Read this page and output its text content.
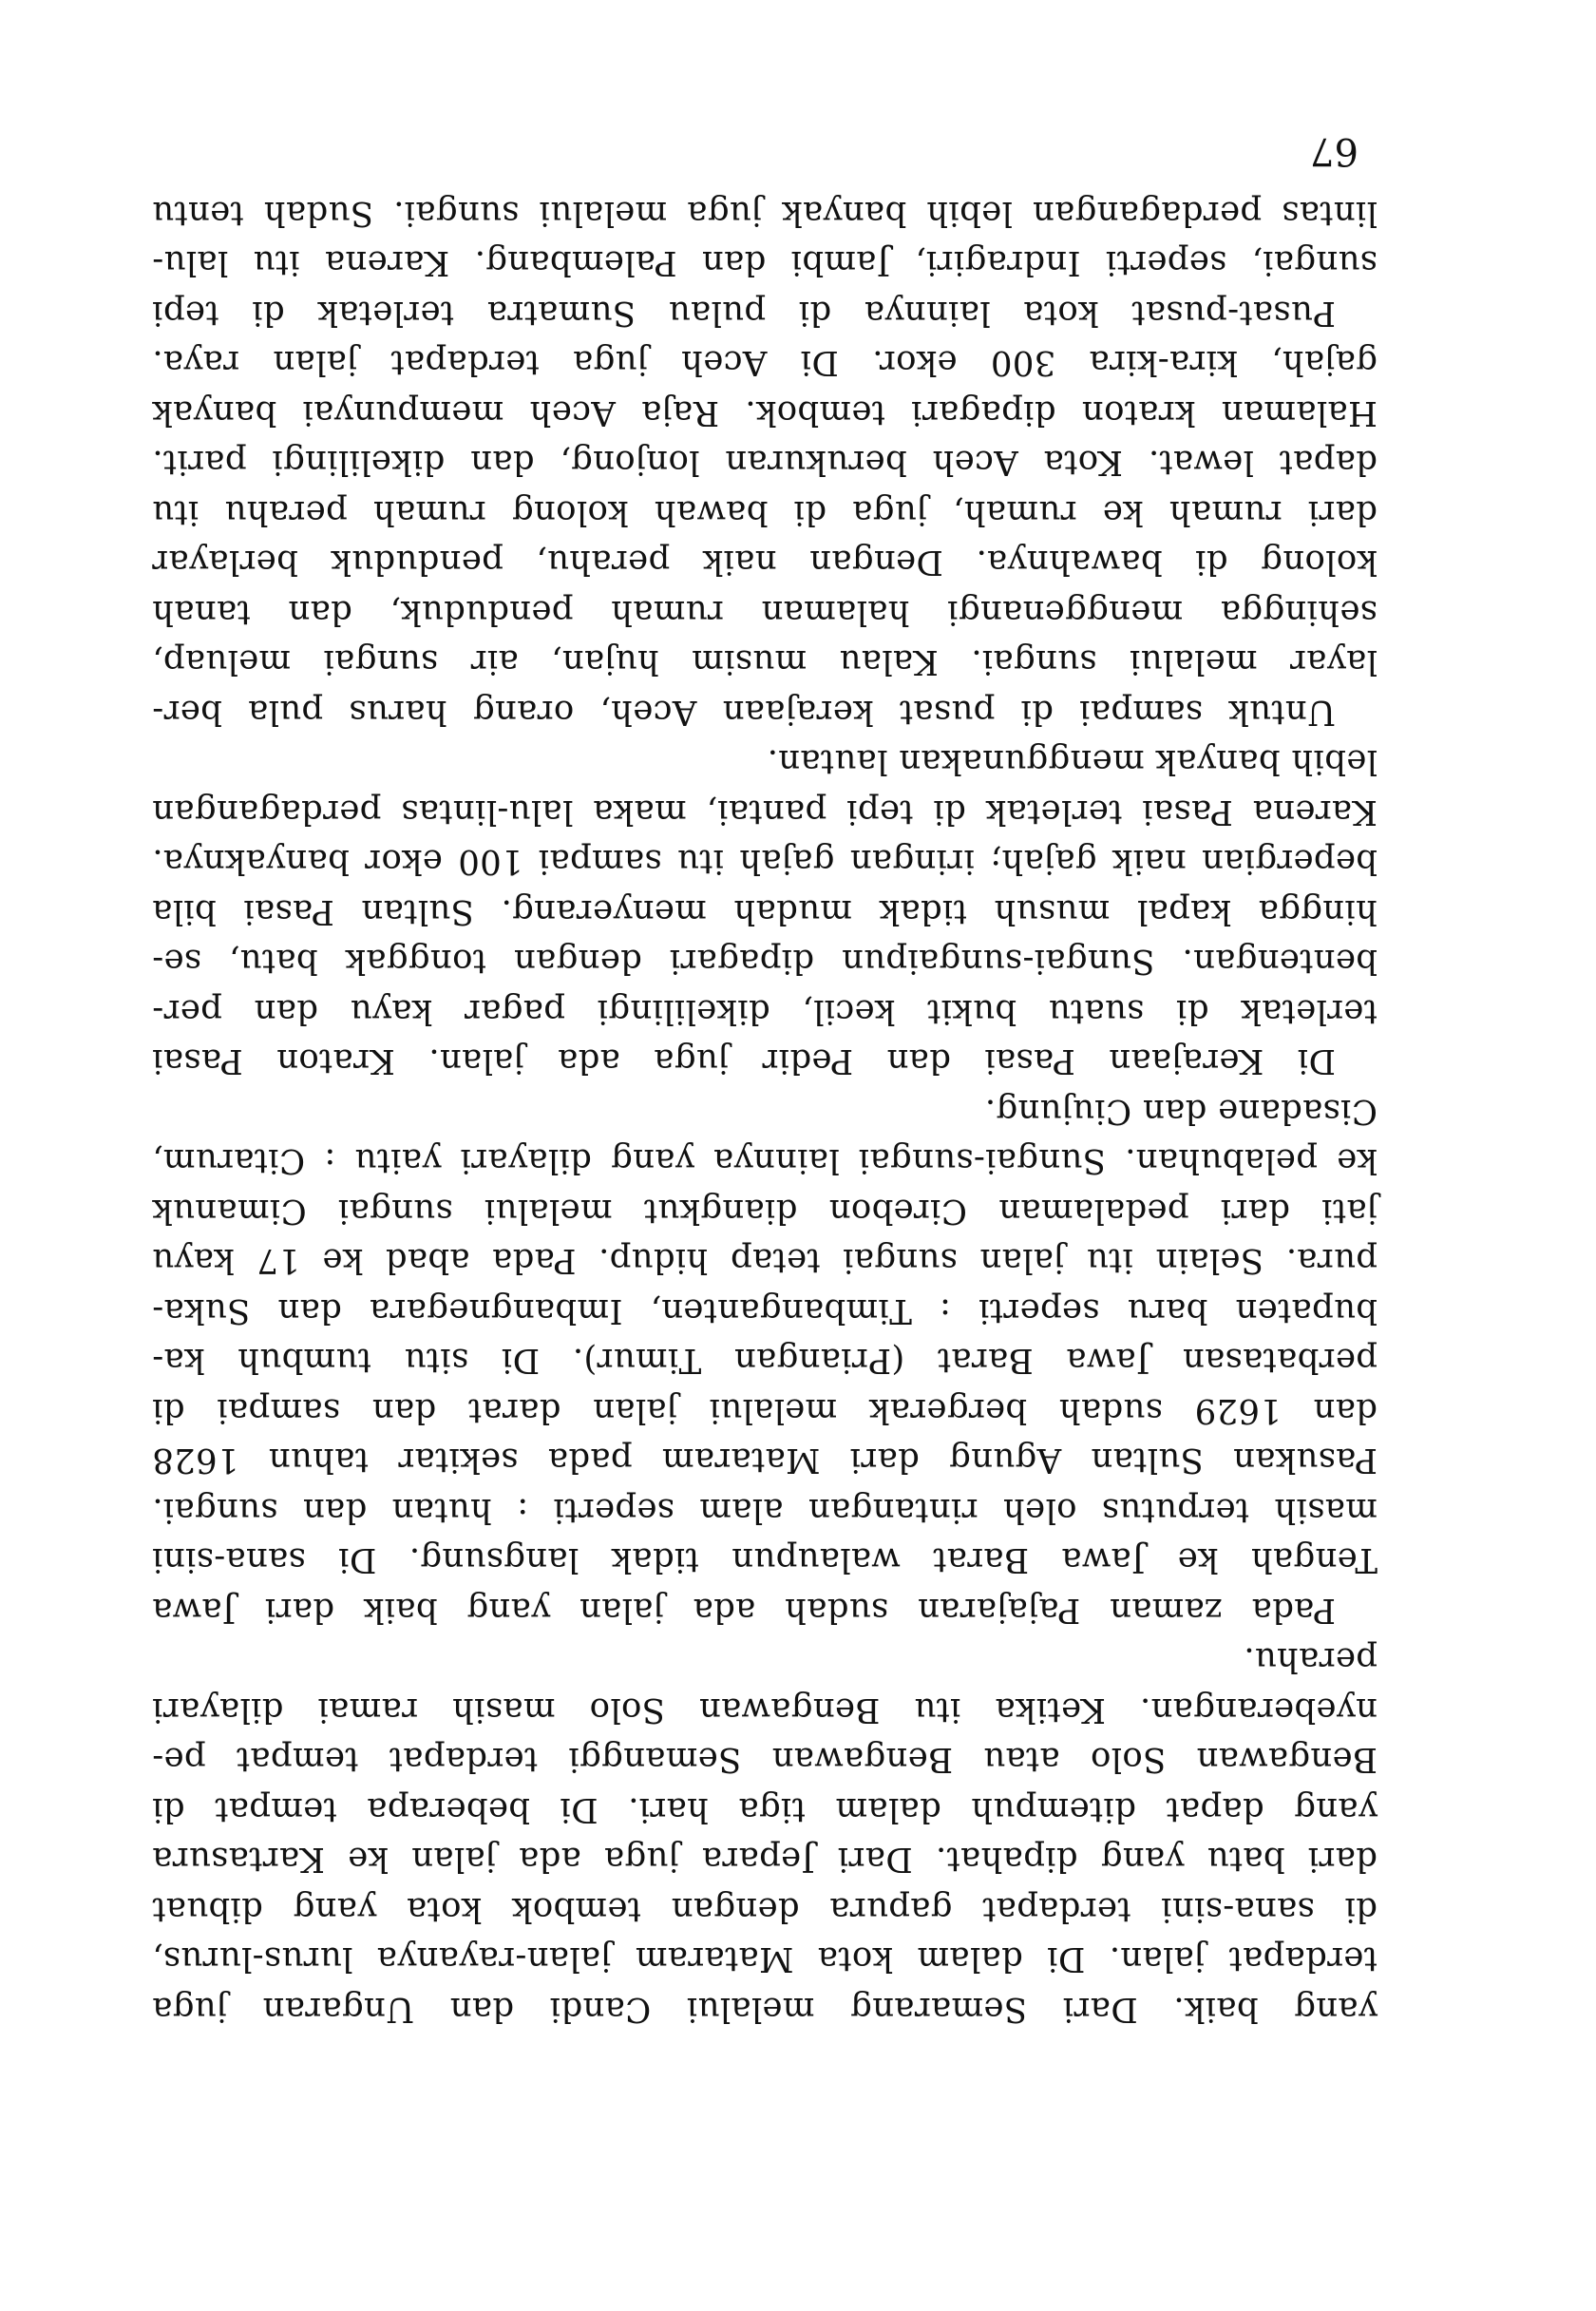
yang baik. Dari Semarang melalui Candi dan Ungaran juga
terdapat jalan. Di dalam kota Mataram jalan-rayanya lurus-lurus,
di sana-sini terdapat gapura dengan tembok kota yang dibuat
dari batu yang dipahat. Dari Jepara juga ada jalan ke Kartasura
yang dapat ditempuh dalam tiga hari. Di beberapa tempat di
Bengawan Solo atau Bengawan Semanggi terdapat tempat pe-
nyeberangan. Ketika itu Bengawan Solo masih ramai dilayari
perahu.
Pada zaman Pajajaran sudah ada jalan yang baik dari Jawa
Tengah ke Jawa Barat walaupun tidak langsung. Di sana-sini
masih terputus oleh rintangan alam seperti : hutan dan sungai.
Pasukan Sultan Agung dari Mataram pada sekitar tahun 1628
dan 1629 sudah bergerak melalui jalan darat dan sampai di
perbatasan Jawa Barat (Priangan Timur). Di situ tumbuh ka-
bupaten baru seperti : Timbanganten, Imbangnegara dan Suka-
pura. Selain itu jalan sungai tetap hidup. Pada abad ke 17 kayu
jati dari pedalaman Cirebon diangkut melalui sungai Cimanuk
ke pelabuhan. Sungai-sungai lainnya yang dilayari yaitu : Citarum,
Cisadane dan Ciujung.
Di Kerajaan Pasai dan Pedir juga ada jalan. Kraton Pasai
terletak di suatu bukit kecil, dikelilingi pagar kayu dan per-
bentengan. Sungai-sungaipun dipagari dengan tonggak batu, se-
hingga kapal musuh tidak mudah menyerang. Sultan Pasai bila
bepergian naik gajah; iringan gajah itu sampai 100 ekor banyaknya.
Karena Pasai terletak di tepi pantai, maka lalu-lintas perdagangan
lebih banyak menggunakan lautan.
Untuk sampai di pusat kerajaan Aceh, orang harus pula ber-
layar melalui sungai. Kalau musim hujan, air sungai meluap,
sehingga menggenangi halaman rumah penduduk, dan tanah
kolong di bawahnya. Dengan naik perahu, penduduk berlayar
dari rumah ke rumah, juga di bawah kolong rumah perahu itu
dapat lewat. Kota Aceh berukuran lonjong, dan dikelilingi parit.
Halaman kraton dipagari tembok. Raja Aceh mempunyai banyak
gajah, kira-kira 300 ekor. Di Aceh juga terdapat jalan raya.
Pusat-pusat kota lainnya di pulau Sumatra terletak di tepi
sungai, seperti Indragiri, Jambi dan Palembang. Karena itu lalu-
lintas perdagangan lebih banyak juga melalui sungai. Sudah tentu
67
